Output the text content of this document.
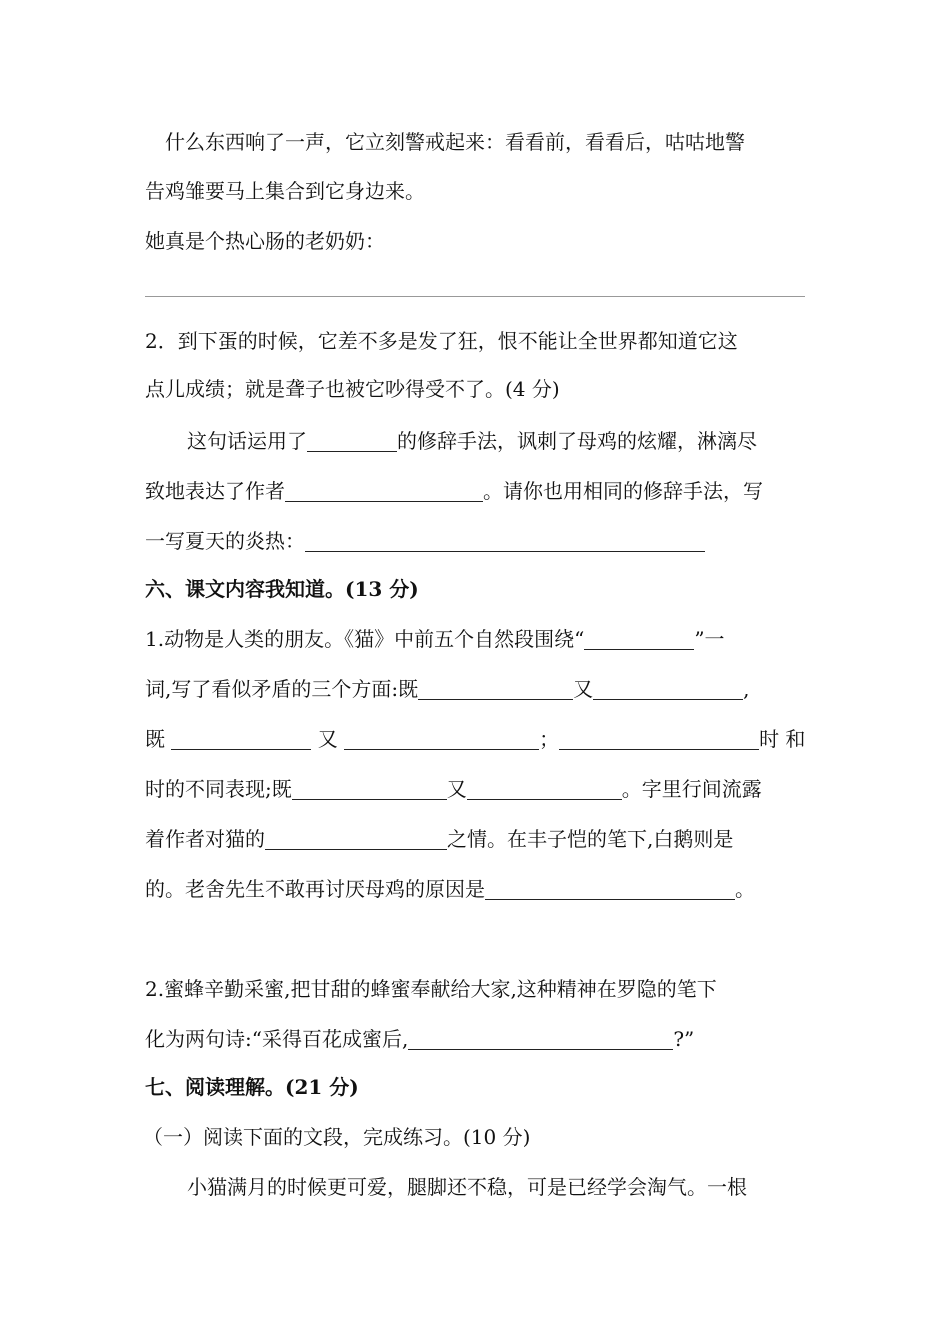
什么东西响了一声，它立刻警戒起来：看看前，看看后，咕咕地警
告鸡雏要马上集合到它身边来。
她真是个热心肠的老奶奶：
2．到下蛋的时候，它差不多是发了狂，恨不能让全世界都知道它这
点儿成绩；就是聋子也被它吵得受不了。(4 分)
这句话运用了	的修辞手法，讽刺了母鸡的炫耀，淋漓尽
致地表达了作者	。请你也用相同的修辞手法，写
一写夏天的炎热：
六、课文内容我知道。(13 分)
1.动物是人类的朋友。《猫》中前五个自然段围绕“	”一
词,写了看似矛盾的三个方面:既	又	,
既	又	；	时 和
时的不同表现;既	又	。字里行间流露
着作者对猫的	之情。在丰子恺的笔下,白鹅则是
的。老舍先生不敢再讨厌母鸡的原因是	。
2.蜜蜂辛勤采蜜,把甘甜的蜂蜜奉献给大家,这种精神在罗隐的笔下
化为两句诗:“采得百花成蜜后,	?”
七、阅读理解。(21 分)
（一）阅读下面的文段，完成练习。(10 分)
小猫满月的时候更可爱，腿脚还不稳，可是已经学会淘气。一根
